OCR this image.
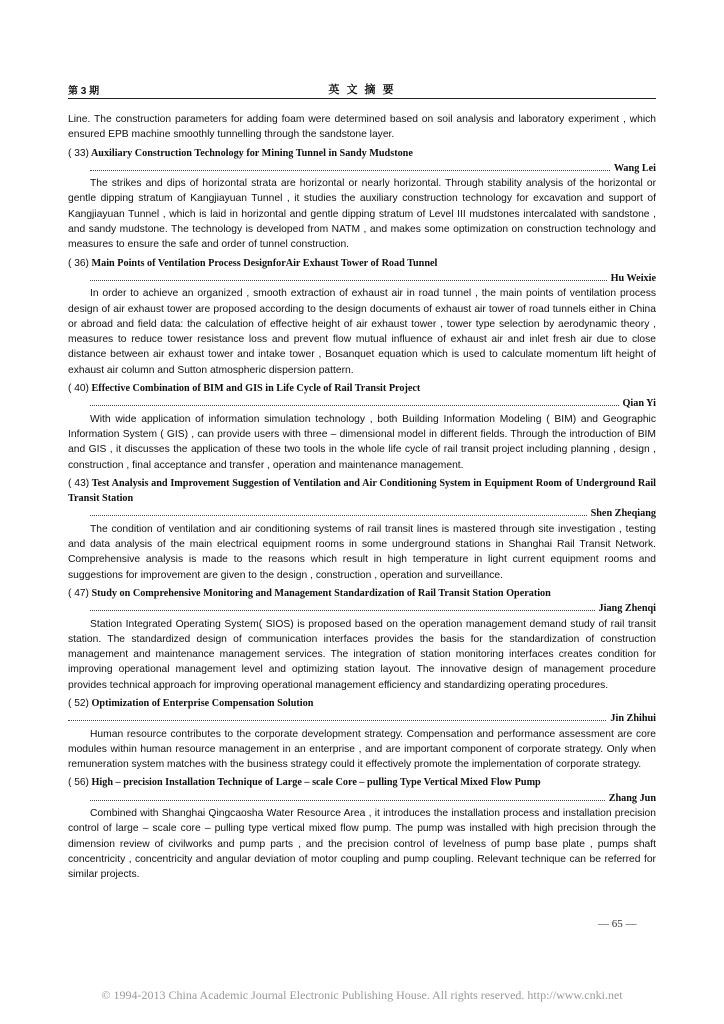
第 3 期	英 文 摘 要

Line. The construction parameters for adding foam were determined based on soil analysis and laboratory experiment , which ensured EPB machine smoothly tunnelling through the sandstone layer.

( 33) Auxiliary Construction Technology for Mining Tunnel in Sandy Mudstone
Wang Lei

The strikes and dips of horizontal strata are horizontal or nearly horizontal. Through stability analysis of the horizontal or gentle dipping stratum of Kangjiayuan Tunnel , it studies the auxiliary construction technology for excavation and support of Kangjiayuan Tunnel , which is laid in horizontal and gentle dipping stratum of Level III mudstones intercalated with sandstone , and sandy mudstone. The technology is developed from NATM , and makes some optimization on construction technology and measures to ensure the safe and order of tunnel construction.

( 36) Main Points of Ventilation Process DesignforAir Exhaust Tower of Road Tunnel
Hu Weixie

In order to achieve an organized , smooth extraction of exhaust air in road tunnel , the main points of ventilation process design of air exhaust tower are proposed according to the design documents of exhaust air tower of road tunnels either in China or abroad and field data: the calculation of effective height of air exhaust tower , tower type selection by aerodynamic theory , measures to reduce tower resistance loss and prevent flow mutual influence of exhaust air and inlet fresh air due to close distance between air exhaust tower and intake tower , Bosanquet equation which is used to calculate momentum lift height of exhaust air column and Sutton atmospheric dispersion pattern.

( 40) Effective Combination of BIM and GIS in Life Cycle of Rail Transit Project
Qian Yi

With wide application of information simulation technology , both Building Information Modeling ( BIM) and Geographic Information System ( GIS) , can provide users with three – dimensional model in different fields. Through the introduction of BIM and GIS , it discusses the application of these two tools in the whole life cycle of rail transit project including planning , design , construction , final acceptance and transfer , operation and maintenance management.

( 43) Test Analysis and Improvement Suggestion of Ventilation and Air Conditioning System in Equipment Room of Underground Rail Transit Station
Shen Zheqiang

The condition of ventilation and air conditioning systems of rail transit lines is mastered through site investigation , testing and data analysis of the main electrical equipment rooms in some underground stations in Shanghai Rail Transit Network. Comprehensive analysis is made to the reasons which result in high temperature in light current equipment rooms and suggestions for improvement are given to the design , construction , operation and surveillance.

( 47) Study on Comprehensive Monitoring and Management Standardization of Rail Transit Station Operation
Jiang Zhenqi

Station Integrated Operating System( SIOS) is proposed based on the operation management demand study of rail transit station. The standardized design of communication interfaces provides the basis for the standardization of construction management and maintenance management services. The integration of station monitoring interfaces creates condition for improving operational management level and optimizing station layout. The innovative design of management procedure provides technical approach for improving operational management efficiency and standardizing operating procedures.

( 52) Optimization of Enterprise Compensation Solution
Jin Zhihui

Human resource contributes to the corporate development strategy. Compensation and performance assessment are core modules within human resource management in an enterprise , and are important component of corporate strategy. Only when remuneration system matches with the business strategy could it effectively promote the implementation of corporate strategy.

( 56) High – precision Installation Technique of Large – scale Core – pulling Type Vertical Mixed Flow Pump
Zhang Jun

Combined with Shanghai Qingcaosha Water Resource Area , it introduces the installation process and installation precision control of large – scale core – pulling type vertical mixed flow pump. The pump was installed with high precision through the dimension review of civilworks and pump parts , and the precision control of levelness of pump base plate , pumps shaft concentricity , concentricity and angular deviation of motor coupling and pump coupling. Relevant technique can be referred for similar projects.

— 65 —
© 1994-2013 China Academic Journal Electronic Publishing House. All rights reserved. http://www.cnki.net
